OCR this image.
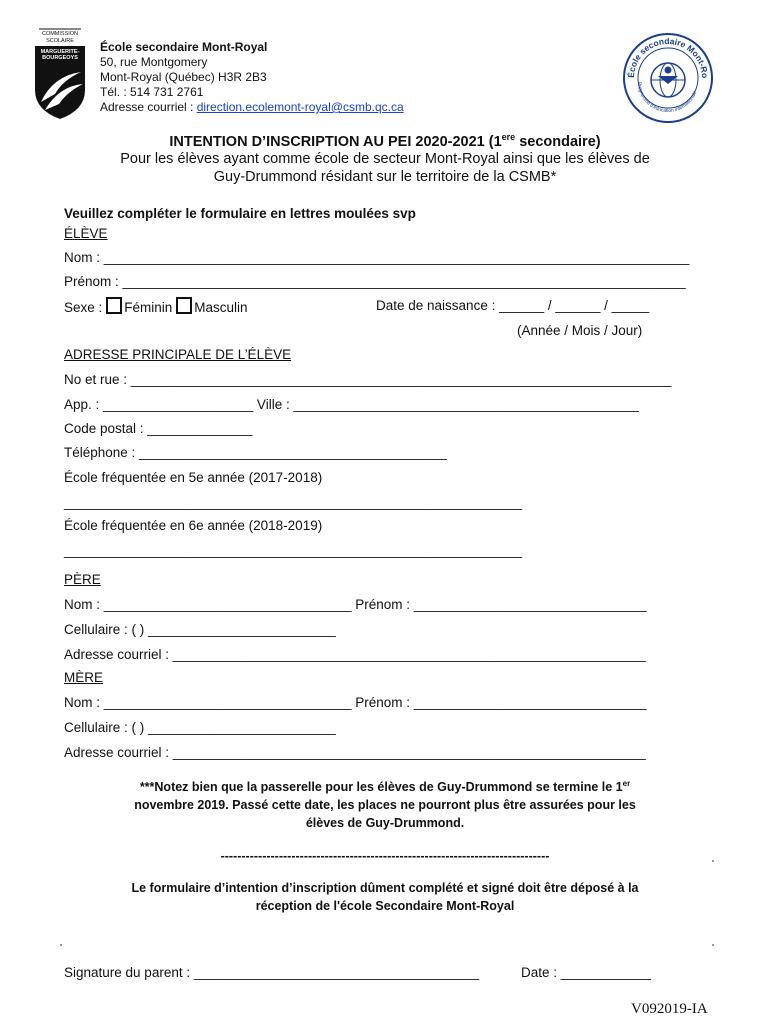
COMMISSION
SCOLAIRE
MARGUERITE-
BOURGEOYS
École secondaire Mont-Royal
50, rue Montgomery
Mont-Royal (Québec) H3R 2B3
Tél. : 514 731 2761
Adresse courriel : direction.ecolemont-royal@csmb.qc.ca
École secondaire Mont-Ro
Programme d'éducation internationale
INTENTION D’INSCRIPTION AU PEI 2020-2021 (1ere secondaire)
Pour les élèves ayant comme école de secteur Mont-Royal ainsi que les élèves de
Guy-Drummond résidant sur le territoire de la CSMB*
Veuillez compléter le formulaire en lettres moulées svp
ÉLÈVE
Nom : ______________________________________________________________________________
Prénom : ___________________________________________________________________________
Sexe : Féminin Masculin	Date de naissance : ______ / ______ / _____
(Année / Mois / Jour)
ADRESSE PRINCIPALE DE L’ÉLÈVE
No et rue : ________________________________________________________________________
App. : ____________________ Ville : ______________________________________________
Code postal : ______________
Téléphone : _________________________________________
École fréquentée en 5e année (2017-2018)
_____________________________________________________________
École fréquentée en 6e année (2018-2019)
_____________________________________________________________
PÈRE
Nom : _________________________________ Prénom : _______________________________
Cellulaire : ( ) _________________________
Adresse courriel : _______________________________________________________________
MÈRE
Nom : _________________________________ Prénom : _______________________________
Cellulaire : ( ) _________________________
Adresse courriel : _______________________________________________________________
***Notez bien que la passerelle pour les élèves de Guy-Drummond se termine le 1er
novembre 2019. Passé cette date, les places ne pourront plus être assurées pour les
élèves de Guy-Drummond.
-------------------------------------------------------------------------------
Le formulaire d’intention d’inscription dûment complété et signé doit être déposé à la
réception de l'école Secondaire Mont-Royal
Signature du parent : ______________________________________	Date : ____________
V092019-IA
